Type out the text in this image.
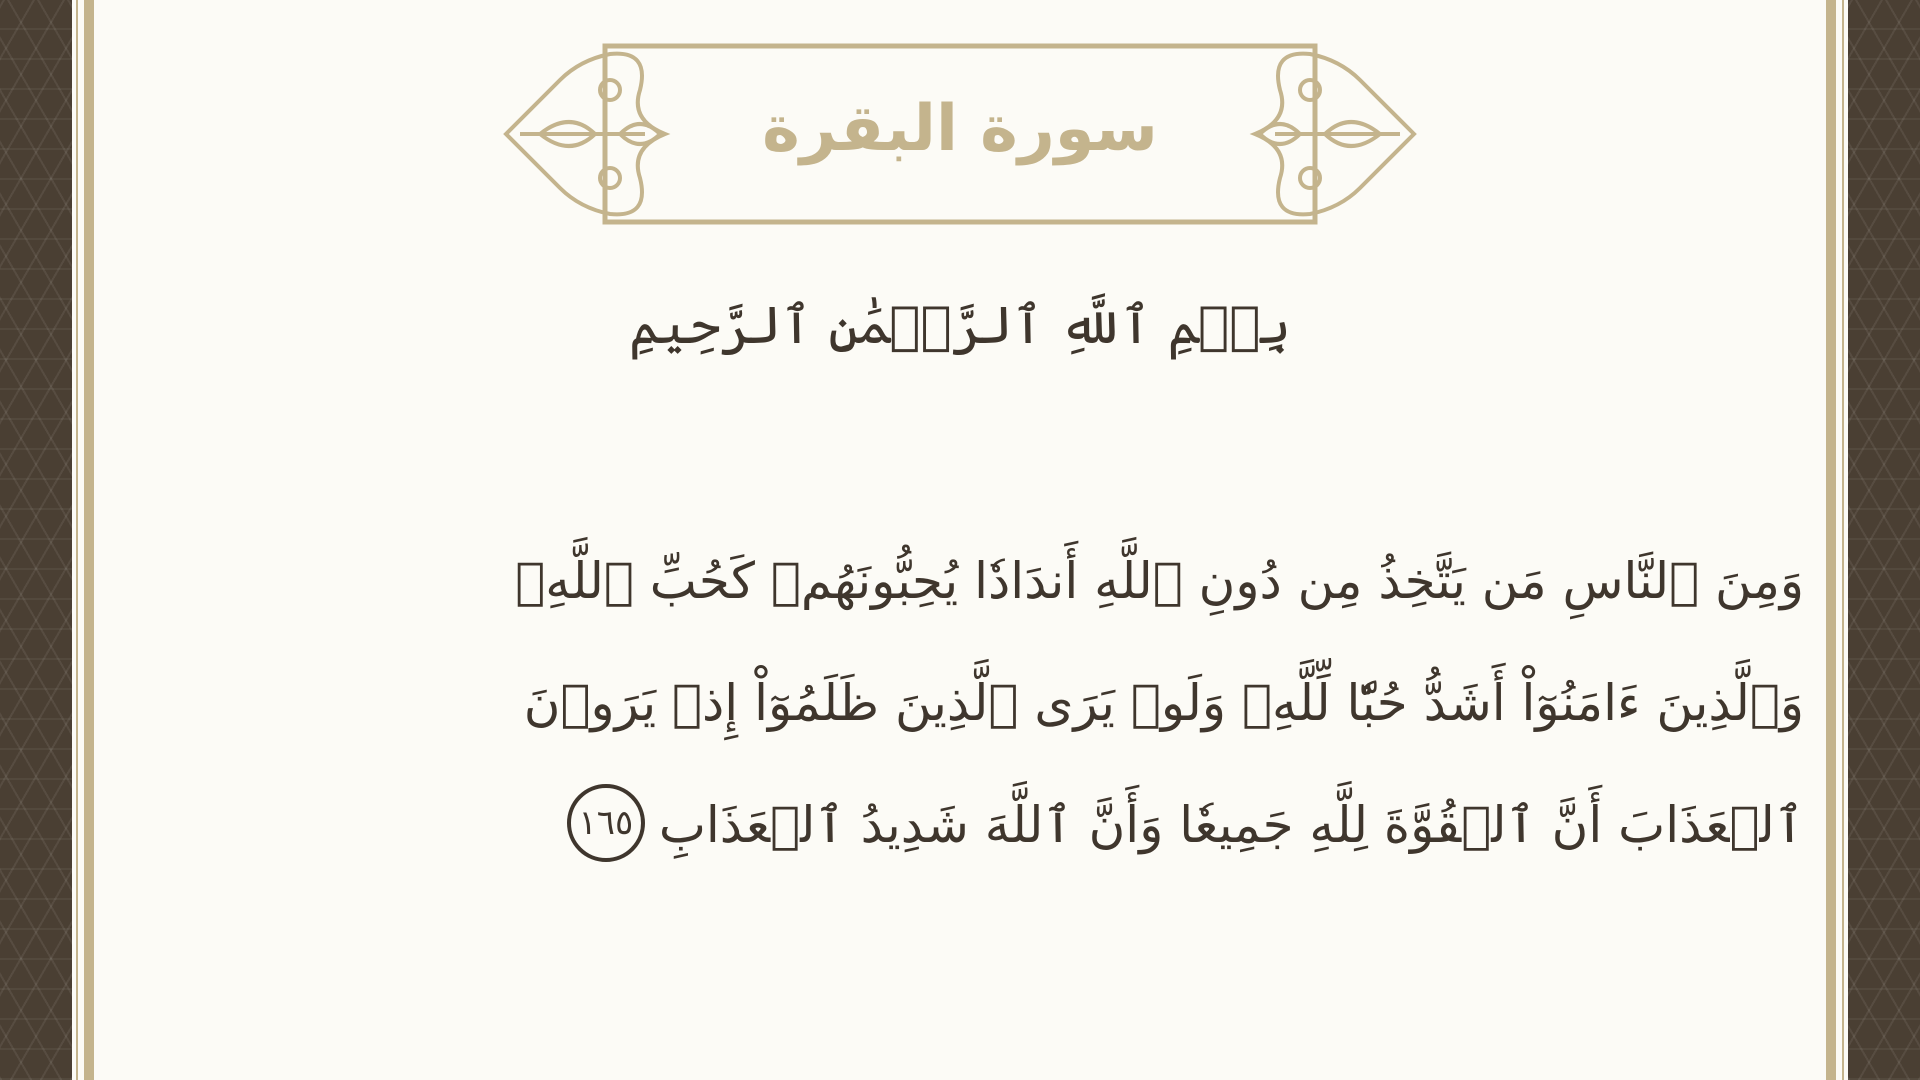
سورة البقرة
بِسۡمِ ٱللَّهِ ٱلرَّحۡمَٰنِ ٱلرَّحِيمِ
وَمِنَ ٱلنَّاسِ مَن يَتَّخِذُ مِن دُونِ ٱللَّهِ أَندَادٗا يُحِبُّونَهُمۡ كَحُبِّ ٱللَّهِۖ
وَٱلَّذِينَ ءَامَنُوٓاْ أَشَدُّ حُبّٗا لِّلَّهِۗ وَلَوۡ يَرَى ٱلَّذِينَ ظَلَمُوٓاْ إِذۡ يَرَوۡنَ
ٱلۡعَذَابَ أَنَّ ٱلۡقُوَّةَ لِلَّهِ جَمِيعٗا وَأَنَّ ٱللَّهَ شَدِيدُ ٱلۡعَذَابِ١٦٥
